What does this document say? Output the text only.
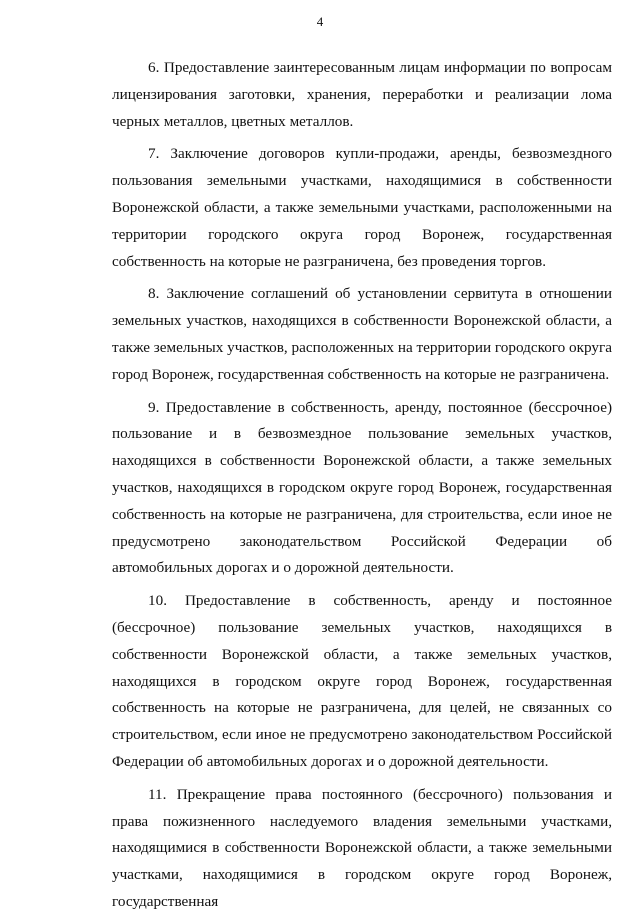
4

6. Предоставление заинтересованным лицам информации по вопросам лицензирования заготовки, хранения, переработки и реализации лома черных металлов, цветных металлов.

7. Заключение договоров купли-продажи, аренды, безвозмездного пользования земельными участками, находящимися в собственности Воронежской области, а также земельными участками, расположенными на территории городского округа город Воронеж, государственная собственность на которые не разграничена, без проведения торгов.

8. Заключение соглашений об установлении сервитута в отношении земельных участков, находящихся в собственности Воронежской области, а также земельных участков, расположенных на территории городского округа город Воронеж, государственная собственность на которые не разграничена.

9. Предоставление в собственность, аренду, постоянное (бессрочное) пользование и в безвозмездное пользование земельных участков, находящихся в собственности Воронежской области, а также земельных участков, находящихся в городском округе город Воронеж, государственная собственность на которые не разграничена, для строительства, если иное не предусмотрено законодательством Российской Федерации об автомобильных дорогах и о дорожной деятельности.

10. Предоставление в собственность, аренду и постоянное (бессрочное) пользование земельных участков, находящихся в собственности Воронежской области, а также земельных участков, находящихся в городском округе город Воронеж, государственная собственность на которые не разграничена, для целей, не связанных со строительством, если иное не предусмотрено законодательством Российской Федерации об автомобильных дорогах и о дорожной деятельности.

11. Прекращение права постоянного (бессрочного) пользования и права пожизненного наследуемого владения земельными участками, находящимися в собственности Воронежской области, а также земельными участками, находящимися в городском округе город Воронеж, государственная
